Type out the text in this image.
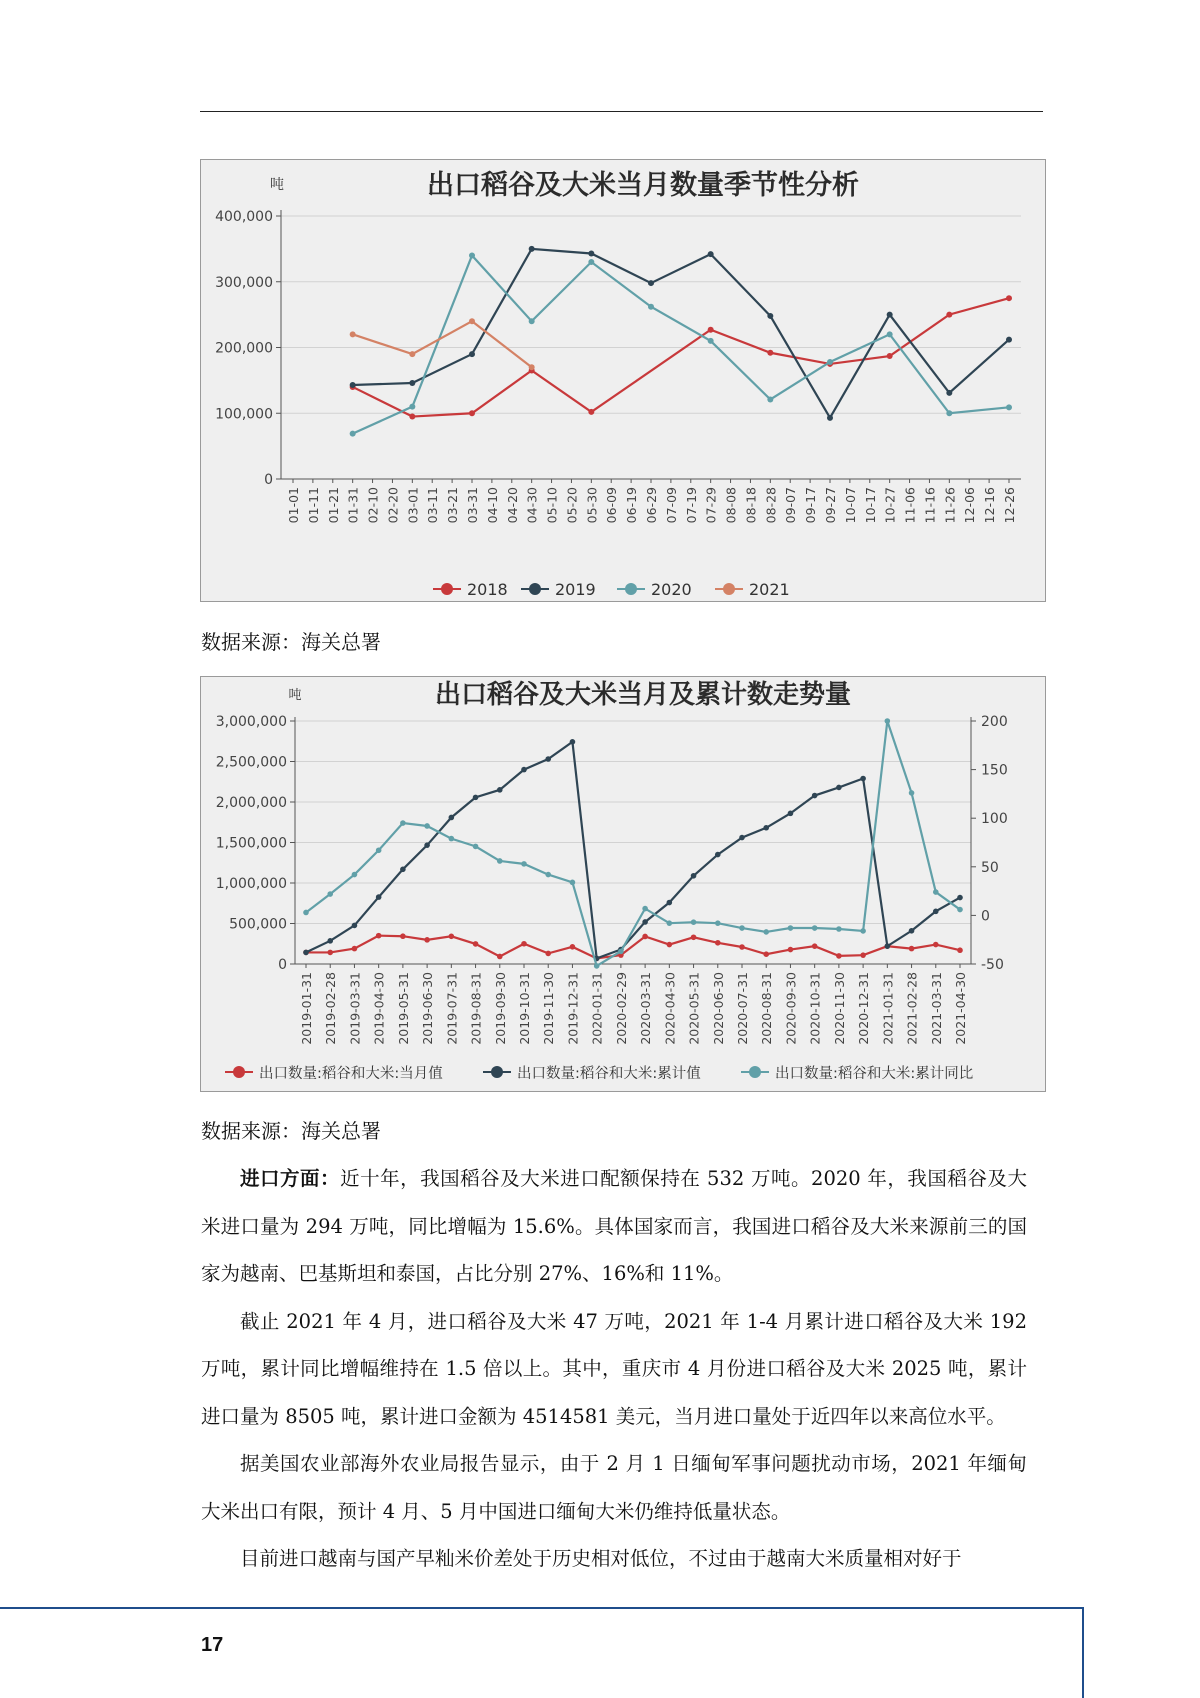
出口稻谷及大米当月数量季节性分析
吨
0
100,000
200,000
300,000
400,000
01-01 01-11 01-21 01-31 02-10 02-20 03-01 03-11 03-21 03-31 04-10 04-20 04-30 05-10 05-20 05-30 06-09 06-19 06-29 07-09 07-19 07-29 08-08 08-18 08-28 09-07 09-17 09-27 10-07 10-17 10-27 11-06 11-16 11-26 12-06 12-16 12-26
2018	2019	2020	2021
数据来源：海关总署
出口稻谷及大米当月及累计数走势量
吨
0
500,000
1,000,000
1,500,000
2,000,000
2,500,000
3,000,000
-50
0
50
100
150
200
2019-01-31 2019-02-28 2019-03-31 2019-04-30 2019-05-31 2019-06-30 2019-07-31 2019-08-31 2019-09-30 2019-10-31 2019-11-30 2019-12-31 2020-01-31 2020-02-29 2020-03-31 2020-04-30 2020-05-31 2020-06-30 2020-07-31 2020-08-31 2020-09-30 2020-10-31 2020-11-30 2020-12-31 2021-01-31 2021-02-28 2021-03-31 2021-04-30
出口数量:稻谷和大米:当月值	出口数量:稻谷和大米:累计值	出口数量:稻谷和大米:累计同比
数据来源：海关总署

进口方面：近十年，我国稻谷及大米进口配额保持在 532 万吨。2020 年，我国稻谷及大米进口量为 294 万吨，同比增幅为 15.6%。具体国家而言，我国进口稻谷及大米来源前三的国家为越南、巴基斯坦和泰国，占比分别 27%、16%和 11%。

截止 2021 年 4 月，进口稻谷及大米 47 万吨，2021 年 1-4 月累计进口稻谷及大米 192 万吨，累计同比增幅维持在 1.5 倍以上。其中，重庆市 4 月份进口稻谷及大米 2025 吨，累计进口量为 8505 吨，累计进口金额为 4514581 美元，当月进口量处于近四年以来高位水平。

据美国农业部海外农业局报告显示，由于 2 月 1 日缅甸军事问题扰动市场，2021 年缅甸大米出口有限，预计 4 月、5 月中国进口缅甸大米仍维持低量状态。

目前进口越南与国产早籼米价差处于历史相对低位，不过由于越南大米质量相对好于

17
